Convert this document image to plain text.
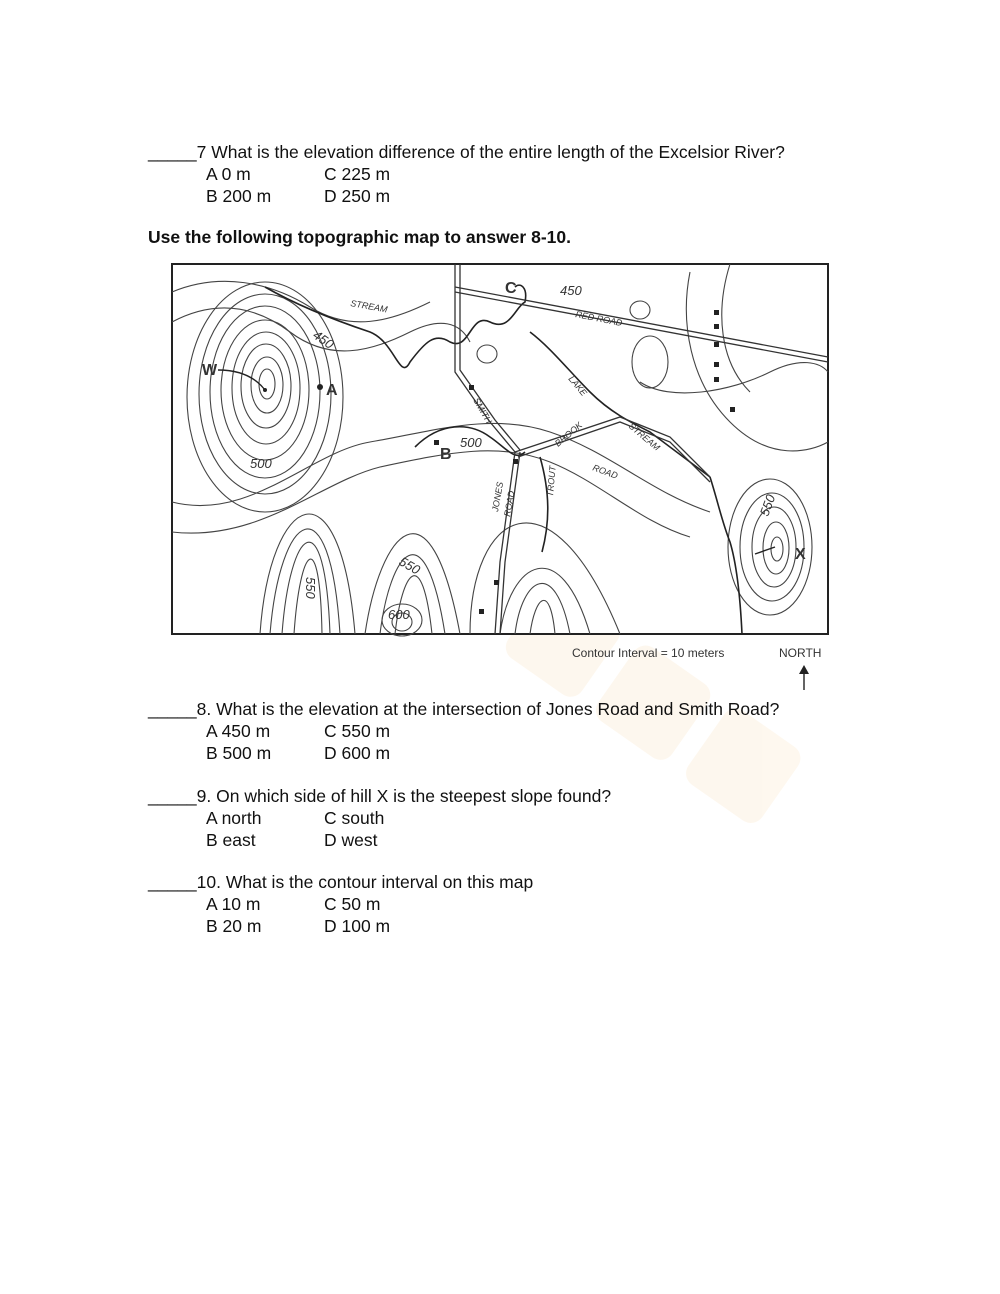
_____7 What is the elevation difference of the entire length of the Excelsior River?
A 0 m	C 225 m
B 200 m	D 250 m
Use the following topographic map to answer 8-10.
W
A
B
C
X
450
450
500
500
550
550
600
550
STREAM
RED ROAD
LAKE
STREAM
SMITH
BROOK
ROAD
JONES
ROAD
TROUT
Contour Interval = 10 meters	NORTH
_____8. What is the elevation at the intersection of Jones Road and Smith Road?
A 450 m	C 550 m
B 500 m	D 600 m
_____9. On which side of hill X is the steepest slope found?
A north	C south
B east	D west
_____10. What is the contour interval on this map
A 10 m	C 50 m
B 20 m	D 100 m
